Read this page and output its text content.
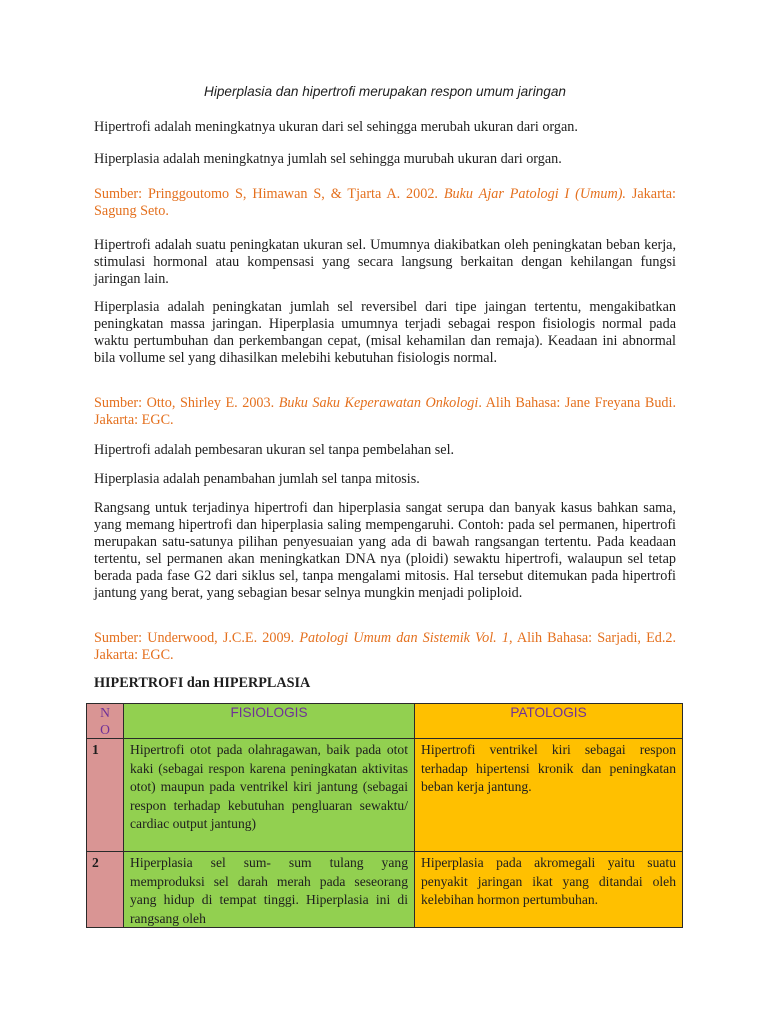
Hiperplasia dan hipertrofi merupakan respon umum jaringan
Hipertrofi adalah meningkatnya ukuran dari sel sehingga merubah ukuran dari organ.
Hiperplasia adalah meningkatnya jumlah sel sehingga murubah ukuran dari organ.
Sumber: Pringgoutomo S, Himawan S, & Tjarta A. 2002. Buku Ajar Patologi I (Umum). Jakarta: Sagung Seto.
Hipertrofi adalah suatu peningkatan ukuran sel. Umumnya diakibatkan oleh peningkatan beban kerja, stimulasi hormonal atau kompensasi yang secara langsung berkaitan dengan kehilangan fungsi jaringan lain.
Hiperplasia adalah peningkatan jumlah sel reversibel dari tipe jaingan tertentu, mengakibatkan peningkatan massa jaringan. Hiperplasia umumnya terjadi sebagai respon fisiologis normal pada waktu pertumbuhan dan perkembangan cepat, (misal kehamilan dan remaja). Keadaan ini abnormal bila vollume sel yang dihasilkan melebihi kebutuhan fisiologis normal.
Sumber: Otto, Shirley E. 2003. Buku Saku Keperawatan Onkologi. Alih Bahasa: Jane Freyana Budi. Jakarta: EGC.
Hipertrofi adalah pembesaran ukuran sel tanpa pembelahan sel.
Hiperplasia adalah penambahan jumlah sel tanpa mitosis.
Rangsang untuk terjadinya hipertrofi dan hiperplasia sangat serupa dan banyak kasus bahkan sama, yang memang hipertrofi dan hiperplasia saling mempengaruhi. Contoh: pada sel permanen, hipertrofi merupakan satu-satunya pilihan penyesuaian yang ada di bawah rangsangan tertentu. Pada keadaan tertentu, sel permanen akan meningkatkan DNA nya (ploidi) sewaktu hipertrofi, walaupun sel tetap berada pada fase G2 dari siklus sel, tanpa mengalami mitosis. Hal tersebut ditemukan pada hipertrofi jantung yang berat, yang sebagian besar selnya mungkin menjadi poliploid.
Sumber: Underwood, J.C.E. 2009. Patologi Umum dan Sistemik Vol. 1, Alih Bahasa: Sarjadi, Ed.2. Jakarta: EGC.
HIPERTROFI dan HIPERPLASIA
N
O	FISIOLOGIS	PATOLOGIS

1	Hipertrofi otot pada olahragawan, baik pada otot kaki (sebagai respon karena peningkatan aktivitas otot) maupun pada ventrikel kiri jantung (sebagai respon terhadap kebutuhan pengluaran sewaktu/ cardiac output jantung)	Hipertrofi ventrikel kiri sebagai respon terhadap hipertensi kronik dan peningkatan beban kerja jantung.

2	Hiperplasia sel sum- sum tulang yang memproduksi sel darah merah pada seseorang yang hidup di tempat tinggi. Hiperplasia ini di rangsang oleh	Hiperplasia pada akromegali yaitu suatu penyakit jaringan ikat yang ditandai oleh kelebihan hormon pertumbuhan.
